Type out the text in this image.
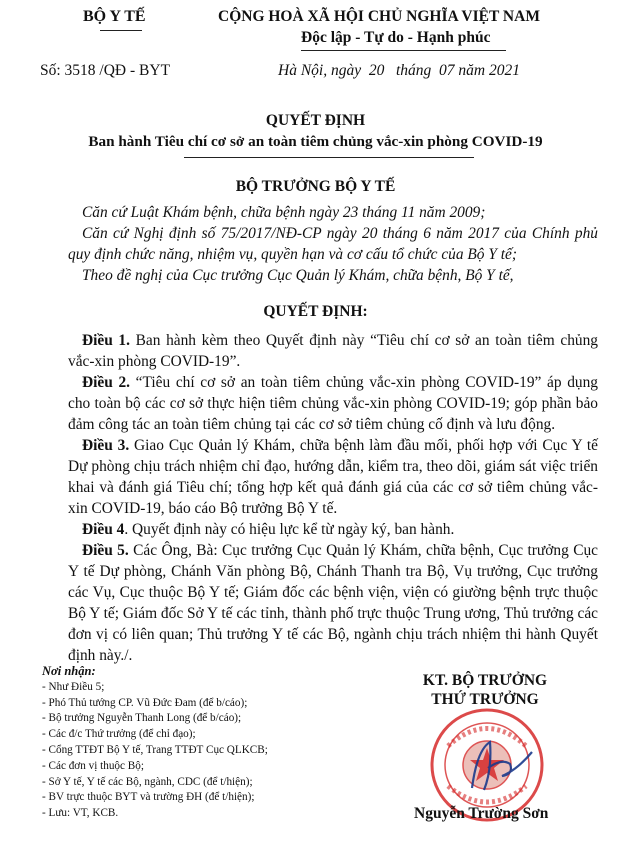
BỘ Y TẾ	CỘNG HOÀ XÃ HỘI CHỦ NGHĨA VIỆT NAM
Độc lập - Tự do - Hạnh phúc
Số: 3518 /QĐ - BYT	Hà Nội, ngày  20   tháng  07 năm 2021
QUYẾT ĐỊNH
Ban hành Tiêu chí cơ sở an toàn tiêm chủng vắc-xin phòng COVID-19
BỘ TRƯỞNG BỘ Y TẾ

Căn cứ Luật Khám bệnh, chữa bệnh ngày 23 tháng 11 năm 2009;

Căn cứ Nghị định số 75/2017/NĐ-CP ngày 20 tháng 6 năm 2017 của Chính phủ quy định chức năng, nhiệm vụ, quyền hạn và cơ cấu tổ chức của Bộ Y tế;

Theo đề nghị của Cục trưởng Cục Quản lý Khám, chữa bệnh, Bộ Y tế,

QUYẾT ĐỊNH:

Điều 1. Ban hành kèm theo Quyết định này “Tiêu chí cơ sở an toàn tiêm chủng vắc-xin phòng COVID-19”.

Điều 2. “Tiêu chí cơ sở an toàn tiêm chủng vắc-xin phòng COVID-19” áp dụng cho toàn bộ các cơ sở thực hiện tiêm chủng vắc-xin phòng COVID-19; góp phần bảo đảm công tác an toàn tiêm chủng tại các cơ sở tiêm chủng cố định và lưu động.

Điều 3. Giao Cục Quản lý Khám, chữa bệnh làm đầu mối, phối hợp với Cục Y tế Dự phòng chịu trách nhiệm chỉ đạo, hướng dẫn, kiểm tra, theo dõi, giám sát việc triển khai và đánh giá Tiêu chí; tổng hợp kết quả đánh giá của các cơ sở tiêm chủng vắc-xin COVID-19, báo cáo Bộ trưởng Bộ Y tế.

Điều 4. Quyết định này có hiệu lực kể từ ngày ký, ban hành.

Điều 5. Các Ông, Bà: Cục trưởng Cục Quản lý Khám, chữa bệnh, Cục trưởng Cục Y tế Dự phòng, Chánh Văn phòng Bộ, Chánh Thanh tra Bộ, Vụ trưởng, Cục trưởng các Vụ, Cục thuộc Bộ Y tế; Giám đốc các bệnh viện, viện có giường bệnh trực thuộc Bộ Y tế; Giám đốc Sở Y tế các tỉnh, thành phố trực thuộc Trung ương, Thủ trưởng các đơn vị có liên quan; Thủ trưởng Y tế các Bộ, ngành chịu trách nhiệm thi hành Quyết định này./.

Nơi nhận:
- Như Điều 5;
- Phó Thủ tướng CP. Vũ Đức Đam (để b/cáo);
- Bộ trưởng Nguyễn Thanh Long (để b/cáo);
- Các đ/c Thứ trưởng (để chỉ đạo);
- Cổng TTĐT Bộ Y tế, Trang TTĐT Cục QLKCB;
- Các đơn vị thuộc Bộ;
- Sở Y tế, Y tế các Bộ, ngành, CDC (để t/hiện);
- BV trực thuộc BYT và trường ĐH (để t/hiện);
- Lưu: VT, KCB.
KT. BỘ TRƯỞNG
THỨ TRƯỞNG
Nguyễn Trường Sơn
